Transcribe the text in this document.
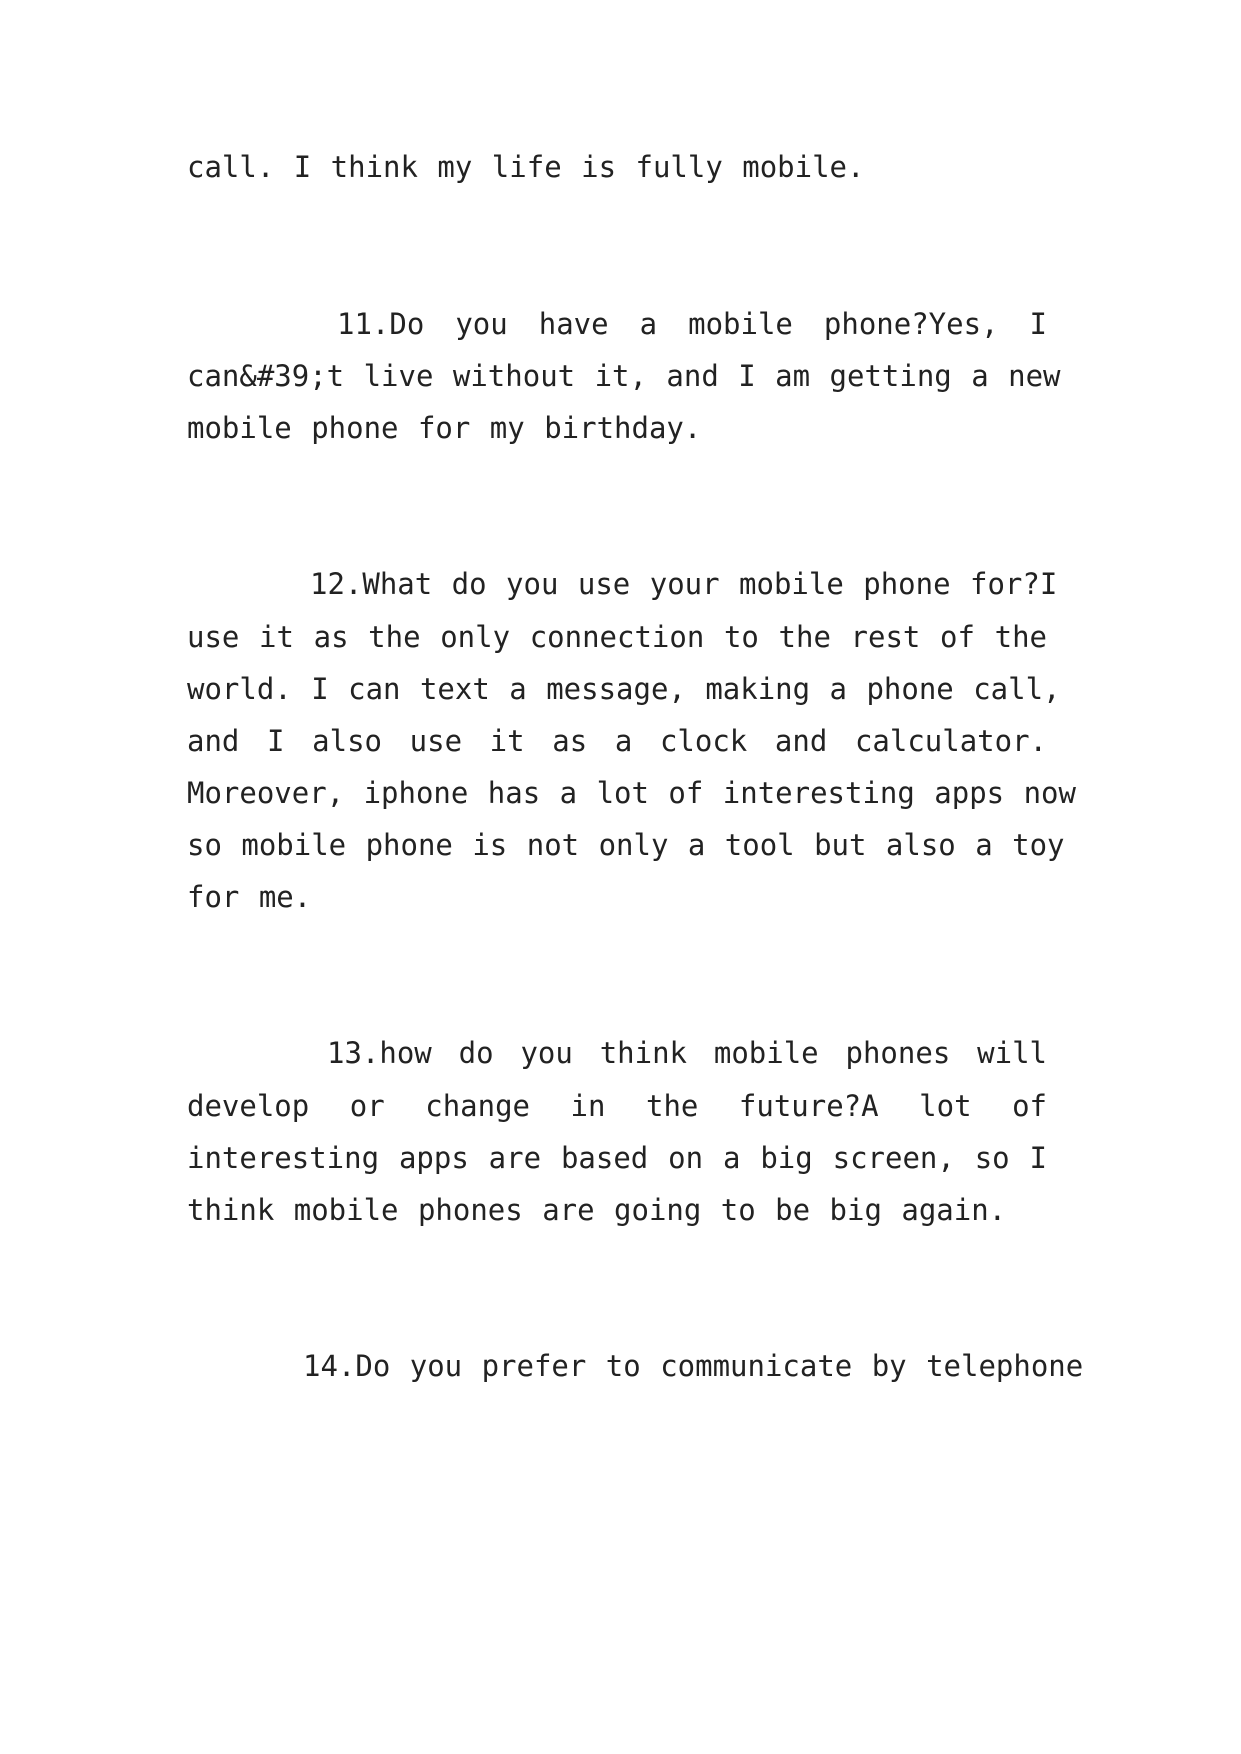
call. I think my life is fully mobile.

11.Do you have a mobile phone?Yes, I

can&#39;t live without it, and I am getting a new

mobile phone for my birthday.

12.What do you use your mobile phone for?I

use it as the only connection to the rest of the

world. I can text a message, making a phone call,

and I also use it as a clock and calculator.

Moreover, iphone has a lot of interesting apps now

so mobile phone is not only a tool but also a toy

for me.

13.how do you think mobile phones will

develop or change in the future?A lot of

interesting apps are based on a big screen, so I

think mobile phones are going to be big again.

14.Do you prefer to communicate by telephone
